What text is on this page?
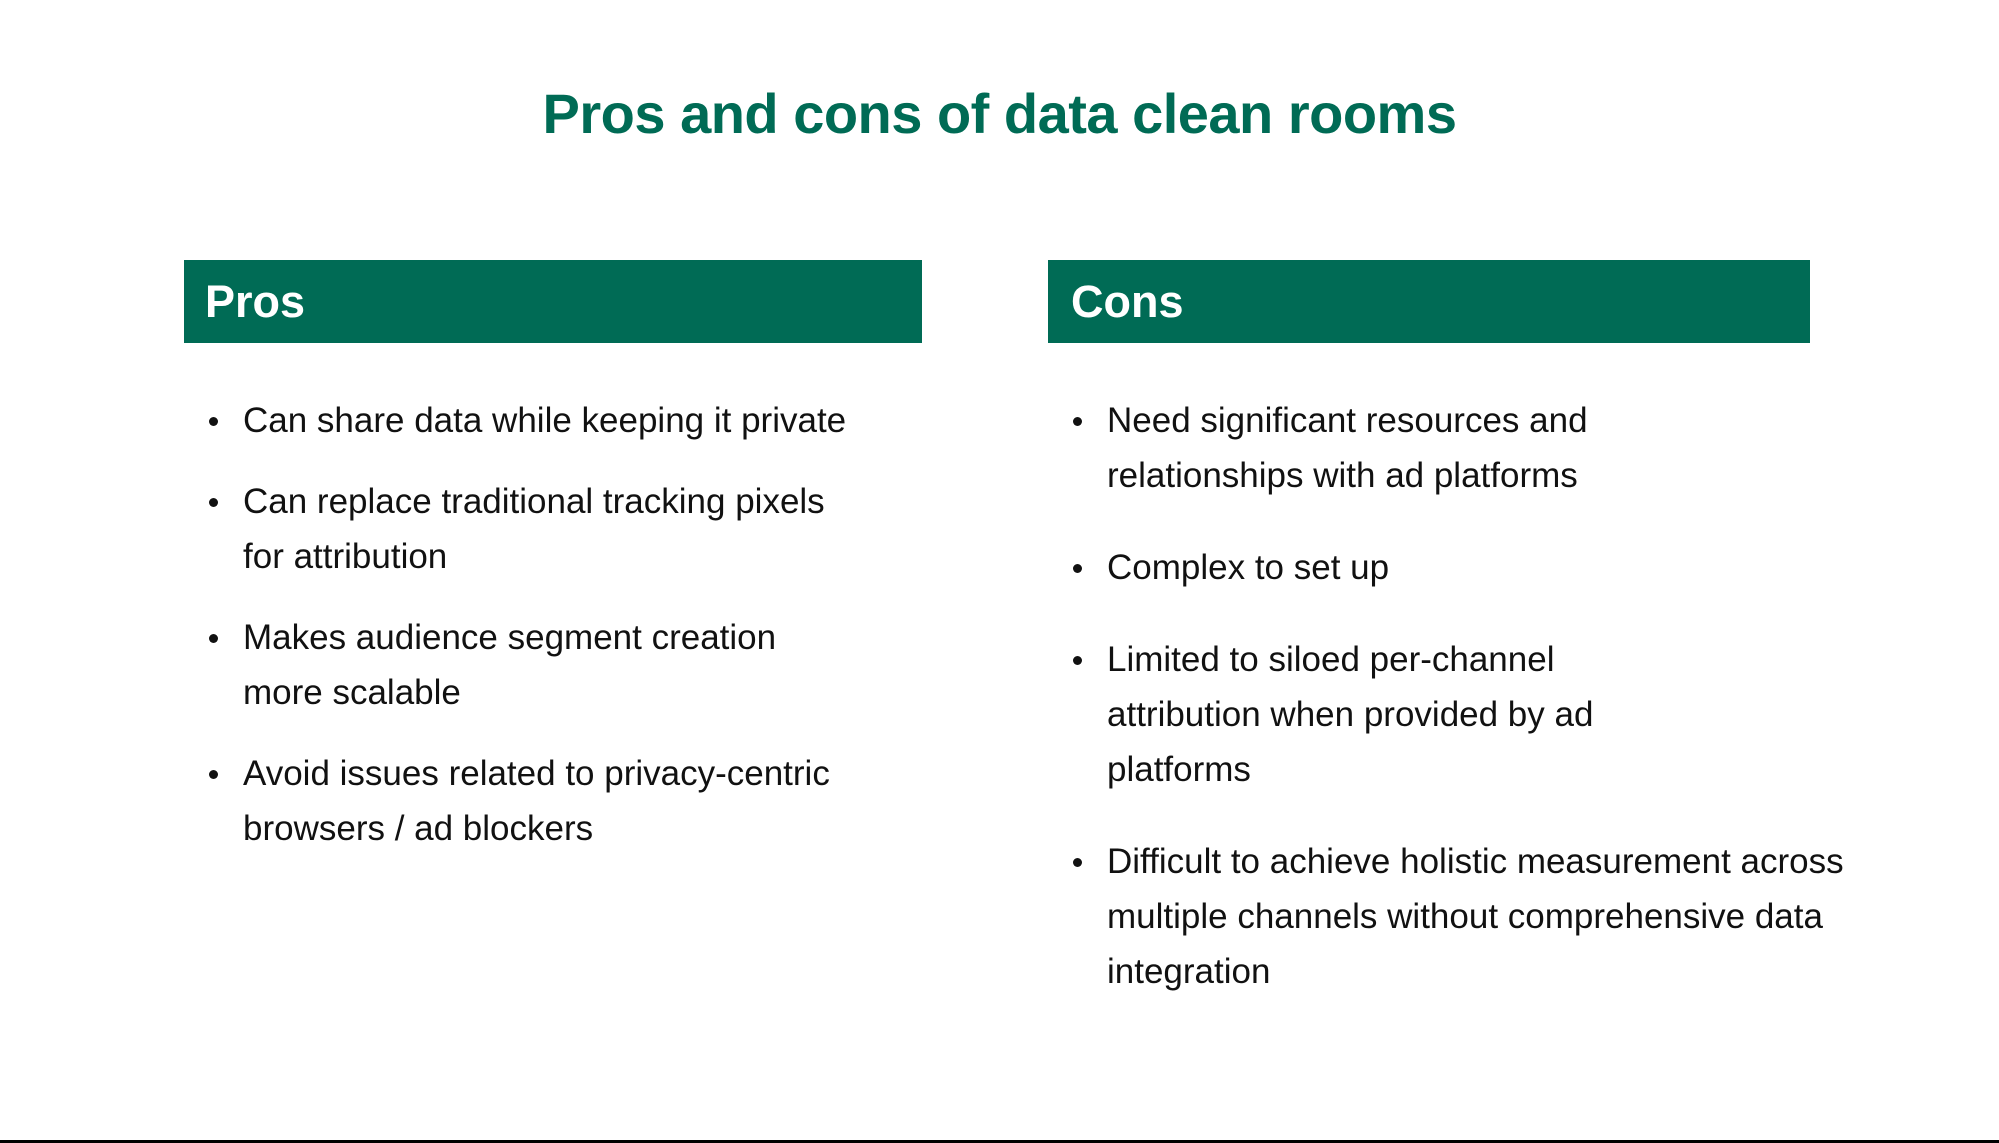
Pros and cons of data clean rooms
Pros
Can share data while keeping it private
Can replace traditional tracking pixels for attribution
Makes audience segment creation more scalable
Avoid issues related to privacy-centric browsers / ad blockers
Cons
Need significant resources and relationships with ad platforms
Complex to set up
Limited to siloed per-channel attribution when provided by ad platforms
Difficult to achieve holistic measurement across multiple channels without comprehensive data integration
